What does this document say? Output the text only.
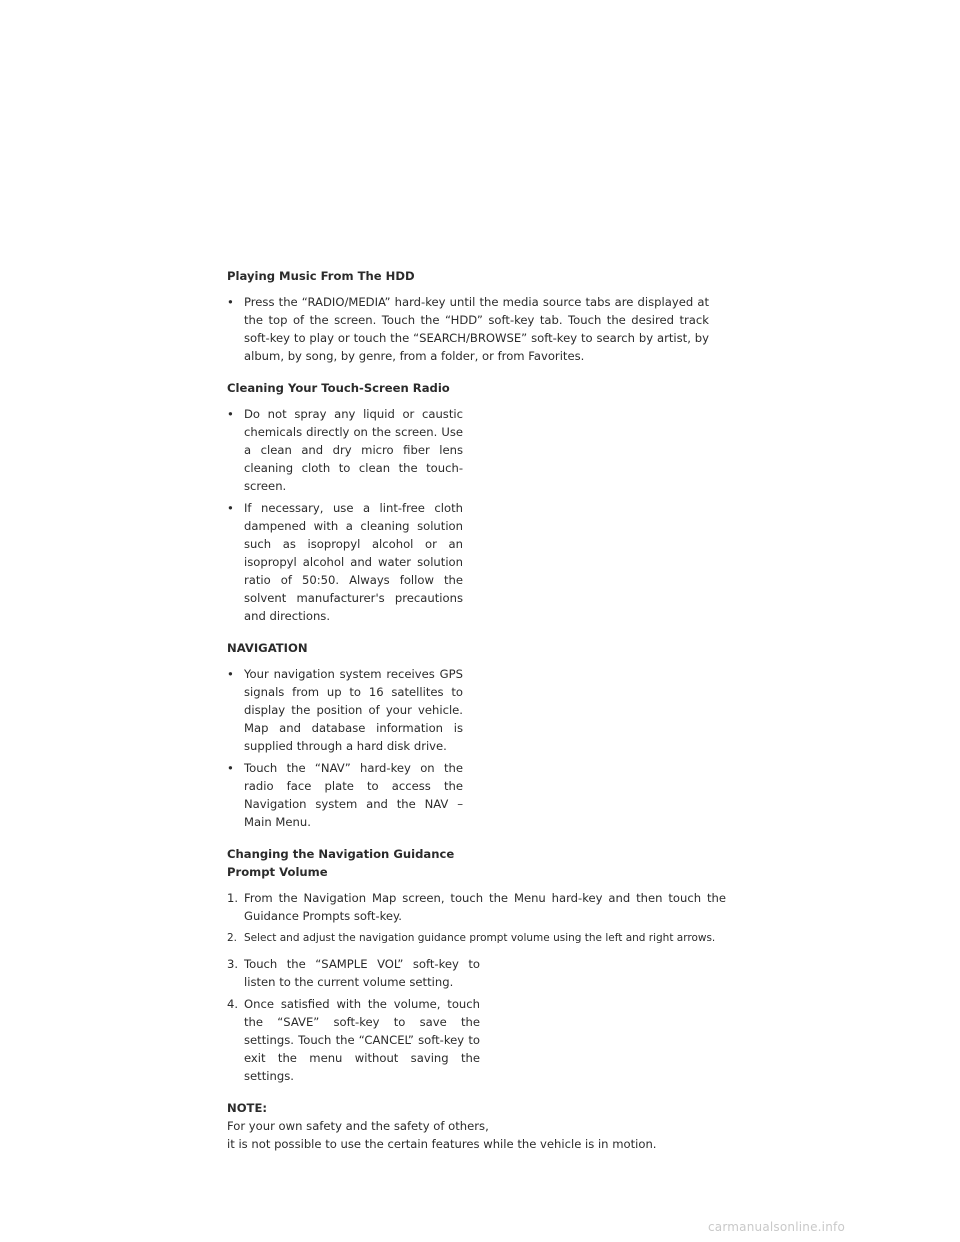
Playing Music From The HDD

• Press the “RADIO/MEDIA” hard-key until the media source tabs are displayed at the top of the screen. Touch the “HDD” soft-key tab. Touch the desired track soft-key to play or touch the “SEARCH/BROWSE” soft-key to search by artist, by album, by song, by genre, from a folder, or from Favorites.

Cleaning Your Touch-Screen Radio

• Do not spray any liquid or caustic chemicals directly on the screen. Use a clean and dry micro fiber lens cleaning cloth to clean the touch-screen.
• If necessary, use a lint-free cloth dampened with a cleaning solution such as isopropyl alcohol or an isopropyl alcohol and water solution ratio of 50:50. Always follow the solvent manufacturer's precautions and directions.

NAVIGATION

• Your navigation system receives GPS signals from up to 16 satellites to display the position of your vehicle. Map and database information is supplied through a hard disk drive.
• Touch the “NAV” hard-key on the radio face plate to access the Navigation system and the NAV – Main Menu.

Changing the Navigation Guidance

Prompt Volume

1. From the Navigation Map screen, touch the Menu hard-key and then touch the Guidance Prompts soft-key.
2. Select and adjust the navigation guidance prompt volume using the left and right arrows.
3. Touch the “SAMPLE VOL” soft-key to listen to the current volume setting.
4. Once satisfied with the volume, touch the “SAVE” soft-key to save the settings. Touch the “CANCEL” soft-key to exit the menu without saving the settings.

NOTE:

For your own safety and the safety of others,

it is not possible to use the certain features while the vehicle is in motion.

carmanualsonline.info
